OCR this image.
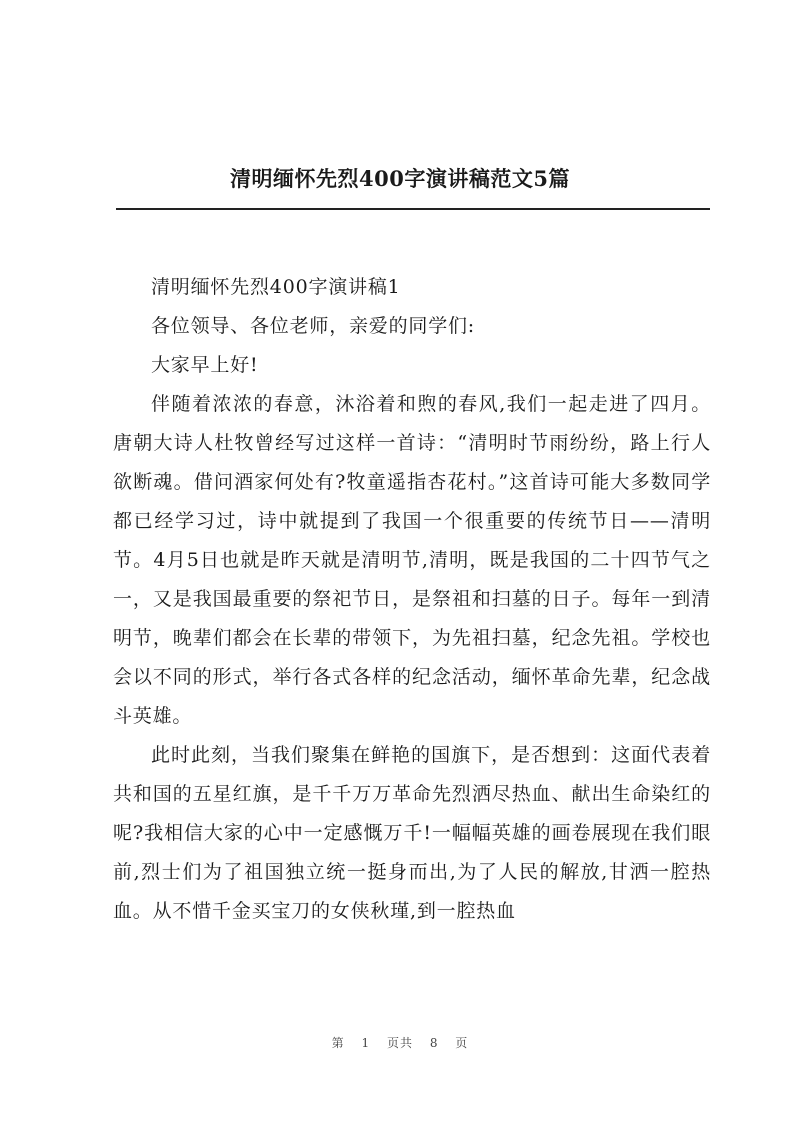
清明缅怀先烈400字演讲稿范文5篇

清明缅怀先烈400字演讲稿1

各位领导、各位老师，亲爱的同学们:

大家早上好!

伴随着浓浓的春意，沐浴着和煦的春风,我们一起走进了四月。唐朝大诗人杜牧曾经写过这样一首诗：“清明时节雨纷纷，路上行人欲断魂。借问酒家何处有?牧童遥指杏花村。”这首诗可能大多数同学都已经学习过，诗中就提到了我国一个很重要的传统节日——清明节。4月5日也就是昨天就是清明节,清明，既是我国的二十四节气之一，又是我国最重要的祭祀节日，是祭祖和扫墓的日子。每年一到清明节，晚辈们都会在长辈的带领下，为先祖扫墓，纪念先祖。学校也会以不同的形式，举行各式各样的纪念活动，缅怀革命先辈，纪念战斗英雄。

此时此刻，当我们聚集在鲜艳的国旗下，是否想到：这面代表着共和国的五星红旗，是千千万万革命先烈洒尽热血、献出生命染红的呢?我相信大家的心中一定感慨万千!一幅幅英雄的画卷展现在我们眼前,烈士们为了祖国独立统一挺身而出,为了人民的解放,甘洒一腔热血。从不惜千金买宝刀的女侠秋瑾,到一腔热血

第 1 页共 8 页
